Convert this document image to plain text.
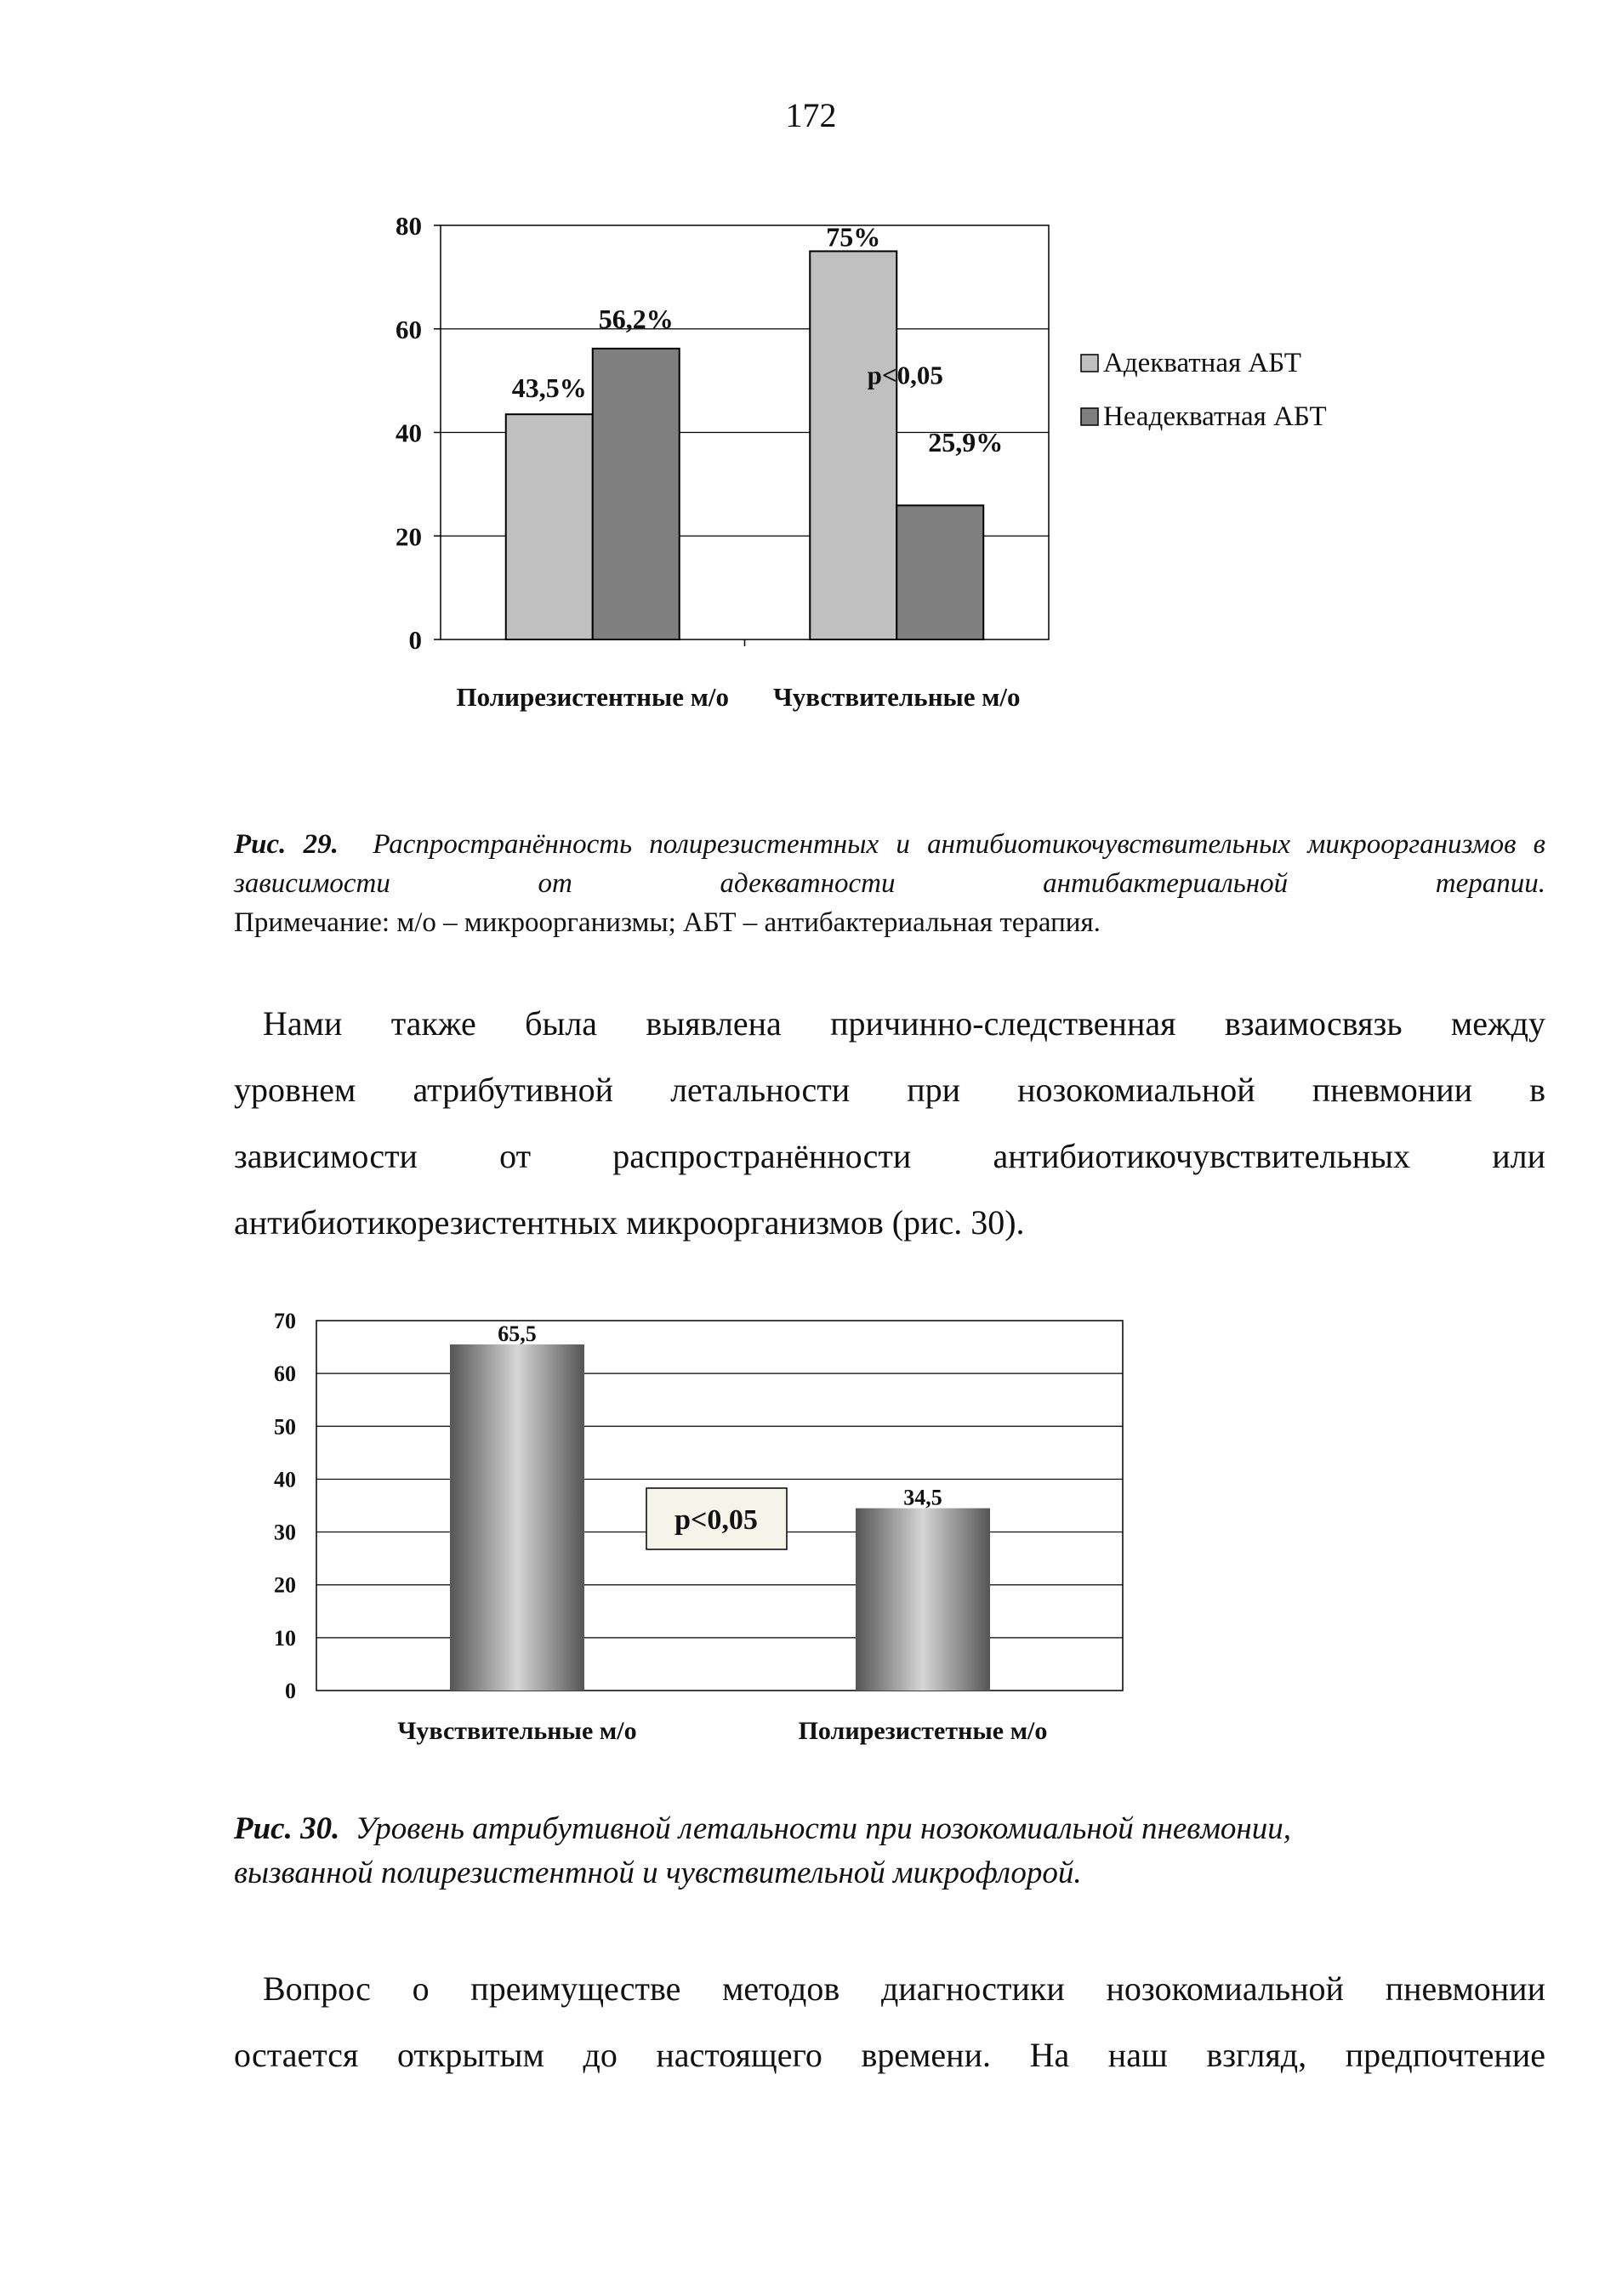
172
0
20
40
60
80
Полирезистентные м/о Чувствительные м/о
43,5%
56,2%
75%
25,9%
p<0,05	Адекватная АБТ
Неадекватная АБТ
Рис. 29. Распространённость полирезистентных и антибиотикочувствительных микроорганизмов в зависимости от адекватности антибактериальной терапии.
Примечание: м/о – микроорганизмы; АБТ – антибактериальная терапия.
Нами также была выявлена причинно-следственная взаимосвязь между
уровнем атрибутивной летальности при нозокомиальной пневмонии в
зависимости от распространённости антибиотикочувствительных или
антибиотикорезистентных микроорганизмов (рис. 30).
0
10
20
30
40
50
60
70
65,5
Чувствительные м/о
34,5
Полирезистетные м/о
p<0,05
Рис. 30. Уровень атрибутивной летальности при нозокомиальной пневмонии,
вызванной полирезистентной и чувствительной микрофлорой.
Вопрос о преимуществе методов диагностики нозокомиальной пневмонии
остается открытым до настоящего времени. На наш взгляд, предпочтение
